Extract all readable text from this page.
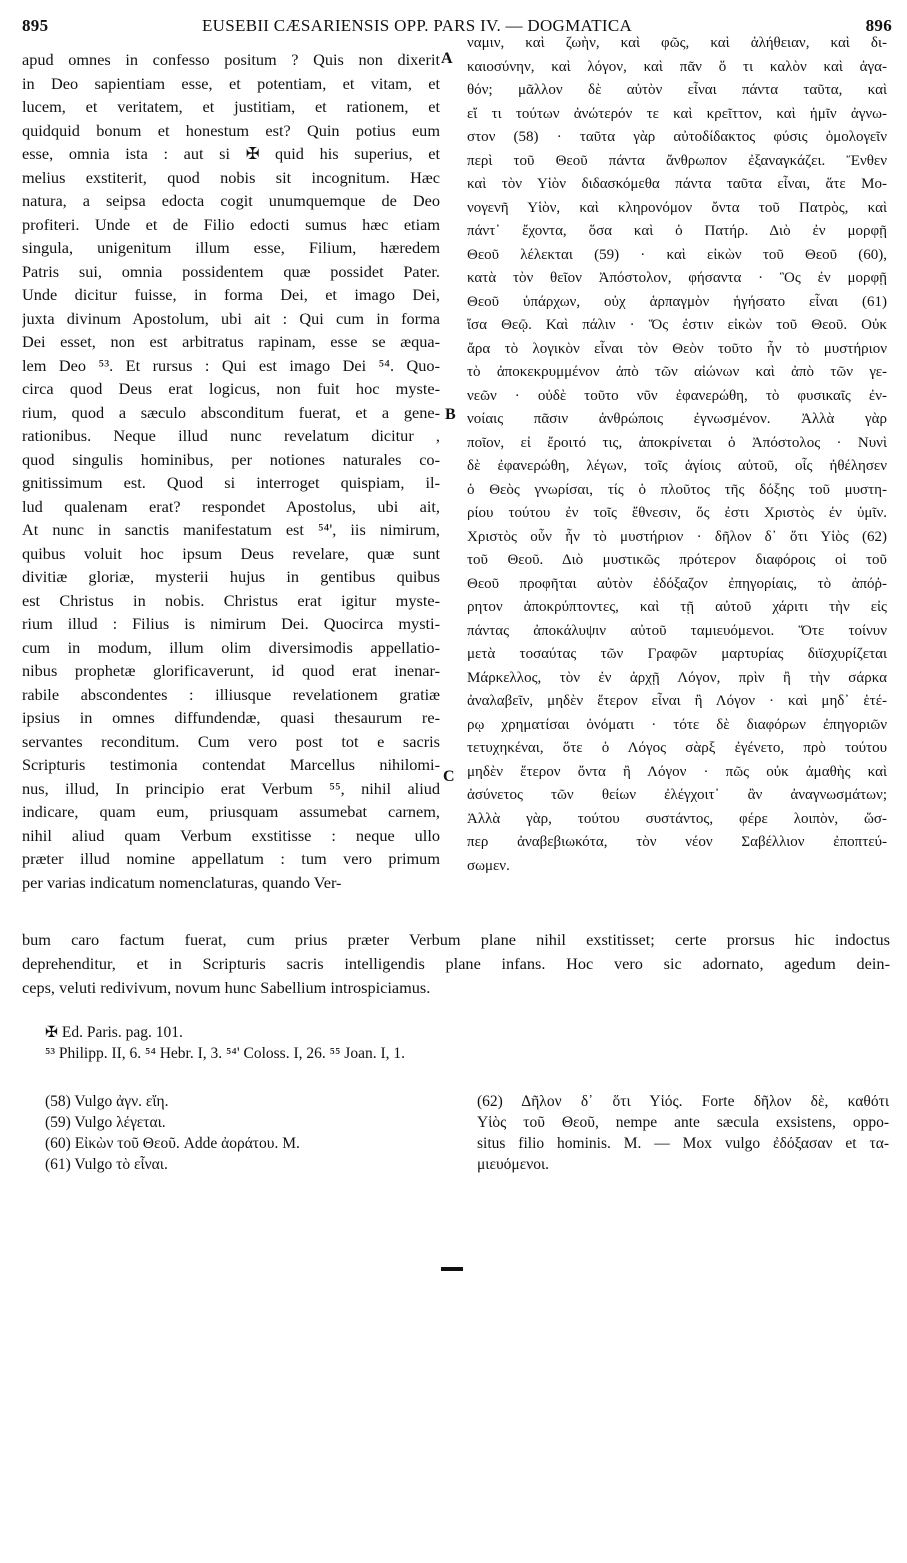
895	EUSEBII CÆSARIENSIS OPP. PARS IV. — DOGMATICA	896
apud omnes in confesso positum ? Quis non dixerit
in Deo sapientiam esse, et potentiam, et vitam, et
lucem, et veritatem, et justitiam, et rationem, et
quidquid bonum et honestum est? Quin potius eum
esse, omnia ista : aut si ✠ quid his superius, et
melius exstiterit, quod nobis sit incognitum. Hæc
natura, a seipsa edocta cogit unumquemque de Deo
profiteri. Unde et de Filio edocti sumus hæc etiam
singula, unigenitum illum esse, Filium, hæredem
Patris sui, omnia possidentem quæ possidet Pater.
Unde dicitur fuisse, in forma Dei, et imago Dei,
juxta divinum Apostolum, ubi ait : Qui cum in forma
Dei esset, non est arbitratus rapinam, esse se æqua-
lem Deo ⁵³. Et rursus : Qui est imago Dei ⁵⁴. Quo-
circa quod Deus erat logicus, non fuit hoc myste-
rium, quod a sæculo absconditum fuerat, et a gene-
rationibus. Neque illud nunc revelatum dicitur ,
quod singulis hominibus, per notiones naturales co-
gnitissimum est. Quod si interroget quispiam, il-
lud qualenam erat? respondet Apostolus, ubi ait,
At nunc in sanctis manifestatum est ⁵⁴', iis nimirum,
quibus voluit hoc ipsum Deus revelare, quæ sunt
divitiæ gloriæ, mysterii hujus in gentibus quibus
est Christus in nobis. Christus erat igitur myste-
rium illud : Filius is nimirum Dei. Quocirca mysti-
cum in modum, illum olim diversimodis appellatio-
nibus prophetæ glorificaverunt, id quod erat inenar-
rabile abscondentes : illiusque revelationem gratiæ
ipsius in omnes diffundendæ, quasi thesaurum re-
servantes reconditum. Cum vero post tot e sacris
Scripturis testimonia contendat Marcellus nihilomi-
nus, illud, In principio erat Verbum ⁵⁵, nihil aliud
indicare, quam eum, priusquam assumebat carnem,
nihil aliud quam Verbum exstitisse : neque ullo
præter illud nomine appellatum : tum vero primum
per varias indicatum nomenclaturas, quando Ver-
ναμιν, καὶ ζωὴν, καὶ φῶς, καὶ ἀλήθειαν, καὶ δι-
καιοσύνην, καὶ λόγον, καὶ πᾶν ὅ τι καλὸν καὶ ἀγα-
θόν; μᾶλλον δὲ αὐτὸν εἶναι πάντα ταῦτα, καὶ
εἴ τι τούτων ἀνώτερόν τε καὶ κρεῖττον, καὶ ἡμῖν ἀγνω-
στον (58) · ταῦτα γὰρ αὐτοδίδακτος φύσις ὁμολογεῖν
περὶ τοῦ Θεοῦ πάντα ἄνθρωπον ἐξαναγκάζει. Ἔνθεν
καὶ τὸν Υἱὸν διδασκόμεθα πάντα ταῦτα εἶναι, ἅτε Μο-
νογενῆ Υἱὸν, καὶ κληρονόμον ὄντα τοῦ Πατρὸς, καὶ
πάντ᾽ ἔχοντα, ὅσα καὶ ὁ Πατήρ. Διὸ ἐν μορφῇ
Θεοῦ λέλεκται (59) · καὶ εἰκὼν τοῦ Θεοῦ (60),
κατὰ τὸν θεῖον Ἀπόστολον, φήσαντα · Ὃς ἐν μορφῇ
Θεοῦ ὑπάρχων, οὐχ ἁρπαγμὸν ἡγήσατο εἶναι (61)
ἴσα Θεῷ. Καὶ πάλιν · Ὅς ἐστιν εἰκὼν τοῦ Θεοῦ. Οὐκ
ἄρα τὸ λογικὸν εἶναι τὸν Θεὸν τοῦτο ἦν τὸ μυστήριον
τὸ ἀποκεκρυμμένον ἀπὸ τῶν αἰώνων καὶ ἀπὸ τῶν γε-
νεῶν · οὐδὲ τοῦτο νῦν ἐφανερώθη, τὸ φυσικαῖς ἐν-
νοίαις πᾶσιν ἀνθρώποις ἐγνωσμένον. Ἀλλὰ γὰρ
ποῖον, εἰ ἔροιτό τις, ἀποκρίνεται ὁ Ἀπόστολος · Νυνὶ
δὲ ἐφανερώθη, λέγων, τοῖς ἁγίοις αὐτοῦ, οἷς ἠθέλησεν
ὁ Θεὸς γνωρίσαι, τίς ὁ πλοῦτος τῆς δόξης τοῦ μυστη-
ρίου τούτου ἐν τοῖς ἔθνεσιν, ὅς ἐστι Χριστὸς ἐν ὑμῖν.
Χριστὸς οὖν ἦν τὸ μυστήριον · δῆλον δ᾽ ὅτι Υἱὸς (62)
τοῦ Θεοῦ. Διὸ μυστικῶς πρότερον διαφόροις οἱ τοῦ
Θεοῦ προφῆται αὐτὸν ἐδόξαζον ἐπηγορίαις, τὸ ἀπόῤ-
ρητον ἀποκρύπτοντες, καὶ τῇ αὐτοῦ χάριτι τὴν εἰς
πάντας ἀποκάλυψιν αὐτοῦ ταμιευόμενοι. Ὅτε τοίνυν
μετὰ τοσαύτας τῶν Γραφῶν μαρτυρίας διϊσχυρίζεται
Μάρκελλος, τὸν ἐν ἀρχῇ Λόγον, πρὶν ἢ τὴν σάρκα
ἀναλαβεῖν, μηδὲν ἕτερον εἶναι ἢ Λόγον · καὶ μηδ᾽ ἑτέ-
ρῳ χρηματίσαι ὀνόματι · τότε δὲ διαφόρων ἐπηγοριῶν
τετυχηκέναι, ὅτε ὁ Λόγος σὰρξ ἐγένετο, πρὸ τούτου
μηδὲν ἕτερον ὄντα ἢ Λόγον · πῶς οὐκ ἀμαθὴς καὶ
ἀσύνετος τῶν θείων ἐλέγχοιτ᾽ ἂν ἀναγνωσμάτων;
Ἀλλὰ γὰρ, τούτου συστάντος, φέρε λοιπὸν, ὥσ-
περ ἀναβεβιωκότα, τὸν νέον Σαβέλλιον ἐποπτεύ-
σωμεν.
A
B
C
bum caro factum fuerat, cum prius præter Verbum plane nihil exstitisset; certe prorsus hic indoctus
deprehenditur, et in Scripturis sacris intelligendis plane infans. Hoc vero sic adornato, agedum dein-
ceps, veluti redivivum, novum hunc Sabellium introspiciamus.
✠ Ed. Paris. pag. 101.
⁵³ Philipp. II, 6. ⁵⁴ Hebr. I, 3. ⁵⁴' Coloss. I, 26. ⁵⁵ Joan. I, 1.
(58) Vulgo ἀγν. εἴη.
(59) Vulgo λέγεται.
(60) Εἰκὼν τοῦ Θεοῦ. Adde ἀοράτου. M.
(61) Vulgo τὸ εἶναι.
(62) Δῆλον δ᾽ ὅτι Υἱός. Forte δῆλον δὲ, καθότι
Υἱὸς τοῦ Θεοῦ, nempe ante sæcula exsistens, oppo-
situs filio hominis. M. — Mox vulgo ἐδόξασαν et τα-
μιευόμενοι.
